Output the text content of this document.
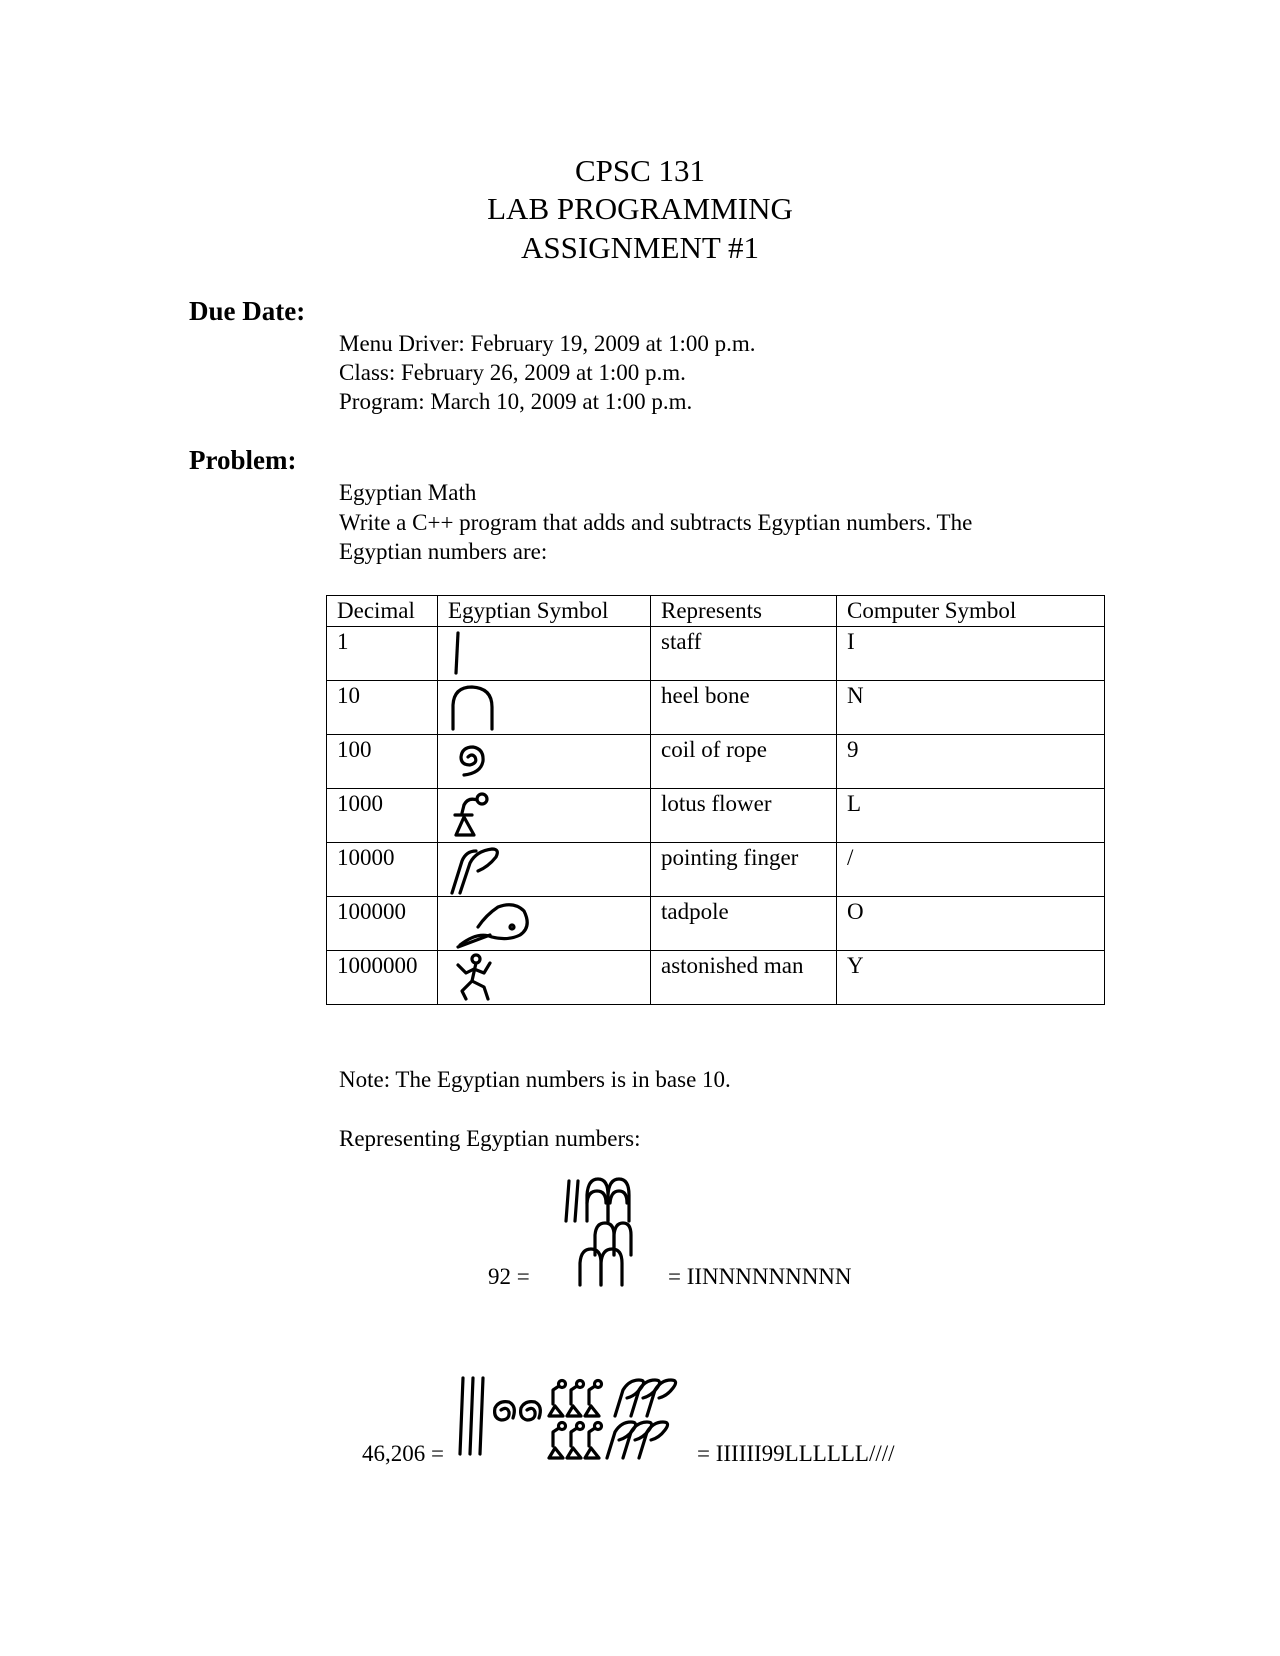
CPSC 131
LAB PROGRAMMING
ASSIGNMENT #1
Due Date:
Menu Driver: February 19, 2009 at 1:00 p.m.
Class: February 26, 2009 at 1:00 p.m.
Program: March 10, 2009 at 1:00 p.m.
Problem:
Egyptian Math
Write a C++ program that adds and subtracts Egyptian numbers. The
Egyptian numbers are:
Decimal	Egyptian Symbol	Represents	Computer Symbol
1		staff	I
10		heel bone	N
100		coil of rope	9
1000		lotus flower	L
10000		pointing finger	/
100000		tadpole	O
1000000		astonished man	Y
Note: The Egyptian numbers is in base 10.
Representing Egyptian numbers:
92 =	= IINNNNNNNNN
46,206 =	= IIIIII99LLLLLL////
